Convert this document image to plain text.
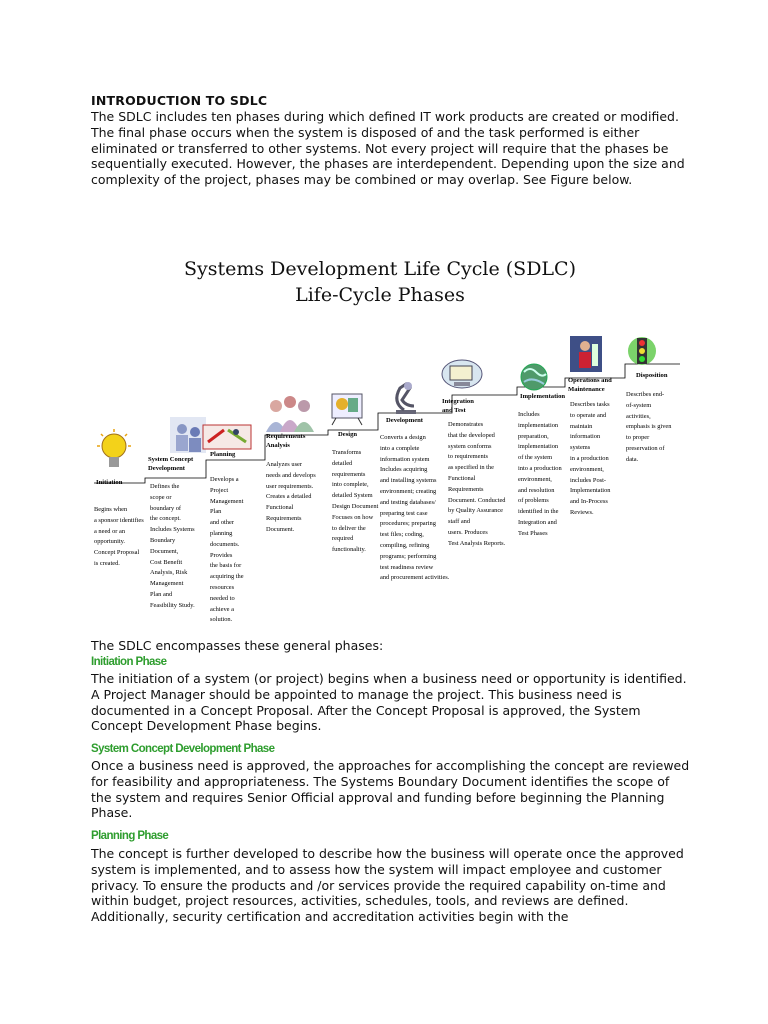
INTRODUCTION TO SDLC
The SDLC includes ten phases during which defined IT work products are created or modified. The final phase occurs when the system is disposed of and the task performed is either eliminated or transferred to other systems. Not every project will require that the phases be sequentially executed. However, the phases are interdependent. Depending upon the size and complexity of the project, phases may be combined or may overlap. See Figure below.
Systems Development Life Cycle (SDLC)
Life-Cycle Phases
Initiation
System Concept
Development
Planning
Requirements
Analysis
Design
Development
Integration
and Test
Implementation
Operations and
Maintenance
Disposition
Begins when
a sponsor identifies
a need or an
opportunity.
Concept Proposal
is created.
Defines the
scope or
boundary of
the concept.
Includes Systems
Boundary
Document,
Cost Benefit
Analysis, Risk
Management
Plan and
Feasibility Study.
Develops a
Project
Management
Plan
and other
planning
documents.
Provides
the basis for
acquiring the
resources
needed to
achieve a
solution.
Analyzes user
needs and develops
user requirements.
Creates a detailed
Functional
Requirements
Document.
Transforms
detailed
requirements
into complete,
detailed System
Design Document
Focuses on how
to deliver the
required
functionality.
Converts a design
into a complete
information system
Includes acquiring
and installing systems
environment; creating
and testing databases/
preparing test case
procedures; preparing
test files; coding,
compiling, refining
programs; performing
test readiness review
and procurement activities.
Demonstrates
that the developed
system conforms
to requirements
as specified in the
Functional
Requirements
Document. Conducted
by Quality Assurance
staff and
users. Produces
Test Analysis Reports.
Includes
implementation
preparation,
implementation
of the system
into a production
environment,
and resolution
of problems
identified in the
Integration and
Test Phases
Describes tasks
to operate and
maintain
information
systems
in a production
environment,
includes Post-
Implementation
and In-Process
Reviews.
Describes end-
of-system
activities,
emphasis is given
to proper
preservation of
data.
The SDLC encompasses these general phases:
Initiation Phase
The initiation of a system (or project) begins when a business need or opportunity is identified. A Project Manager should be appointed to manage the project. This business need is documented in a Concept Proposal. After the Concept Proposal is approved, the System Concept Development Phase begins.
System Concept Development Phase
Once a business need is approved, the approaches for accomplishing the concept are reviewed for feasibility and appropriateness. The Systems Boundary Document identifies the scope of the system and requires Senior Official approval and funding before beginning the Planning Phase.
Planning Phase
The concept is further developed to describe how the business will operate once the approved system is implemented, and to assess how the system will impact employee and customer privacy. To ensure the products and /or services provide the required capability on-time and within budget, project resources, activities, schedules, tools, and reviews are defined. Additionally, security certification and accreditation activities begin with the
